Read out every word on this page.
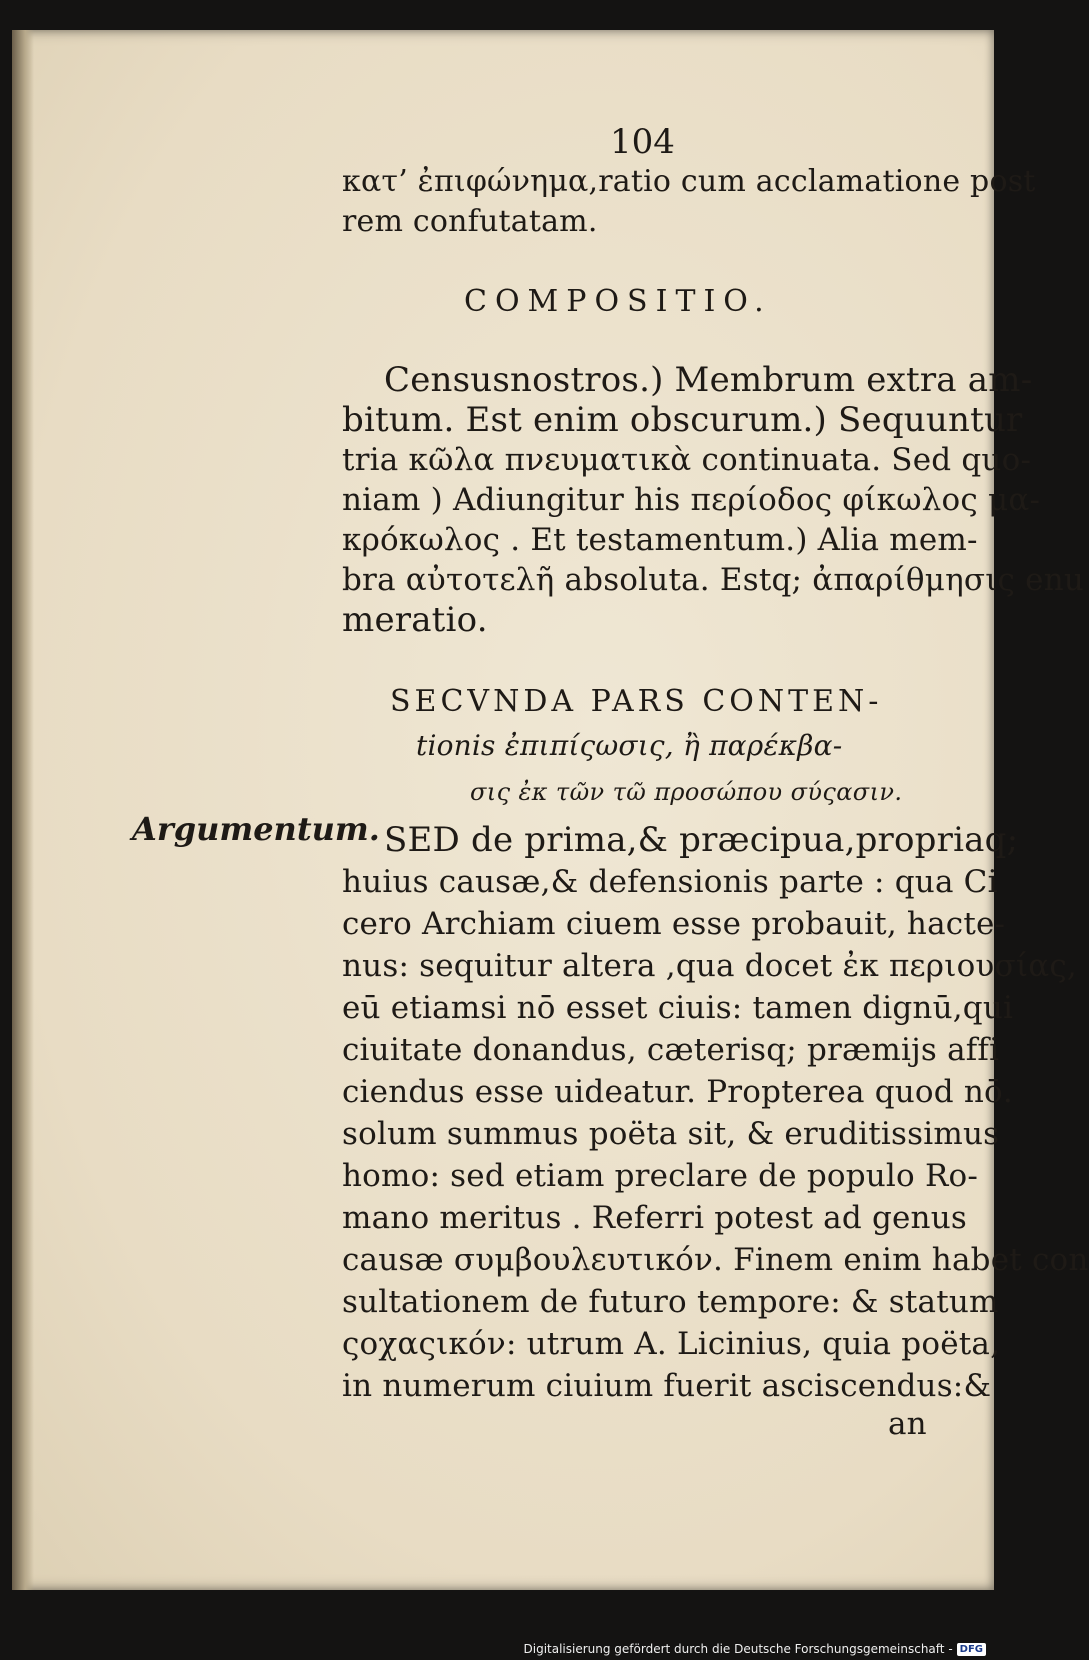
104
κατ’ ἐπιφώνημα,ratio cum acclamatione post
rem confutatam.
COMPOSITIO.
Censusnostros.) Membrum extra am-
bitum. Est enim obscurum.) Sequuntur
tria κῶλα πνευματικὰ continuata. Sed quo-
niam ) Adiungitur his περίοδος φίκωλος μα-
κρόκωλος . Et testamentum.) Alia mem-
bra αὐτοτελῆ absoluta. Estq; ἀπαρίθμησις enu
meratio.
SECVNDA PARS CONTEN-
tionis ἐπιπίςωσις, ἢ παρέκβα-
σις ἐκ τῶν τῶ προσώπου σύςασιν.
Argumentum. SED de prima,& præcipua,propriaq;
huius causæ,& defensionis parte : qua Ci
cero Archiam ciuem esse probauit, hacte-
nus: sequitur altera ,qua docet ἐκ περιουσίας,
eū etiamsi nō esset ciuis: tamen dignū,qui
ciuitate donandus, cæterisq; præmijs affi
ciendus esse uideatur. Propterea quod nō.
solum summus poëta sit, & eruditissimus
homo: sed etiam preclare de populo Ro-
mano meritus . Referri potest ad genus
causæ συμβουλευτικόν. Finem enim habet con
sultationem de futuro tempore: & statum
ςοχαςικόν: utrum A. Licinius, quia poëta,
in numerum ciuium fuerit asciscendus:&
an
Digitalisierung gefördert durch die Deutsche Forschungsgemeinschaft - DFG
